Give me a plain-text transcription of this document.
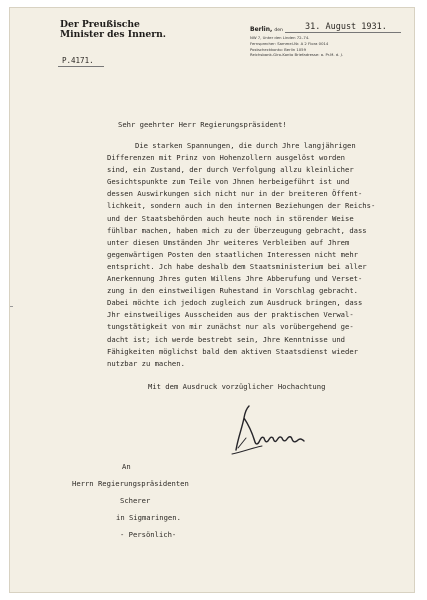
Der Preußische
Minister des Innern.	Berlin, den	31. August 1931.
NW 7, Unter den Linden 72–74.
Fernsprecher: Sammel-Nr. A 2 Flora 0014
Postscheckkonto: Berlin 1059
Reichsbank-Giro-Konto Briefadresse: a. Pr.M. d. J.
P.4171.
Sehr geehrter Herr Regierungspräsident!
Die starken Spannungen, die durch Jhre langjährigen
Differenzen mit Prinz von Hohenzollern ausgelöst worden
sind, ein Zustand, der durch Verfolgung allzu kleinlicher
Gesichtspunkte zum Teile von Jhnen herbeigeführt ist und
dessen Auswirkungen sich nicht nur in der breiteren Öffent-
lichkeit, sondern auch in den internen Beziehungen der Reichs-
und der Staatsbehörden auch heute noch in störender Weise
fühlbar machen, haben mich zu der Überzeugung gebracht, dass
unter diesen Umständen Jhr weiteres Verbleiben auf Jhrem
gegenwärtigen Posten den staatlichen Interessen nicht mehr
entspricht. Jch habe deshalb dem Staatsministerium bei aller
Anerkennung Jhres guten Willens Jhre Abberufung und Verset-
zung in den einstweiligen Ruhestand in Vorschlag gebracht.
Dabei möchte ich jedoch zugleich zum Ausdruck bringen, dass
Jhr einstweiliges Ausscheiden aus der praktischen Verwal-
tungstätigkeit von mir zunächst nur als vorübergehend ge-
dacht ist; ich werde bestrebt sein, Jhre Kenntnisse und
Fähigkeiten möglichst bald dem aktiven Staatsdienst wieder
nutzbar zu machen.
Mit dem Ausdruck vorzüglicher Hochachtung
An
Herrn Regierungspräsidenten
Scherer
in Sigmaringen.
- Persönlich-
